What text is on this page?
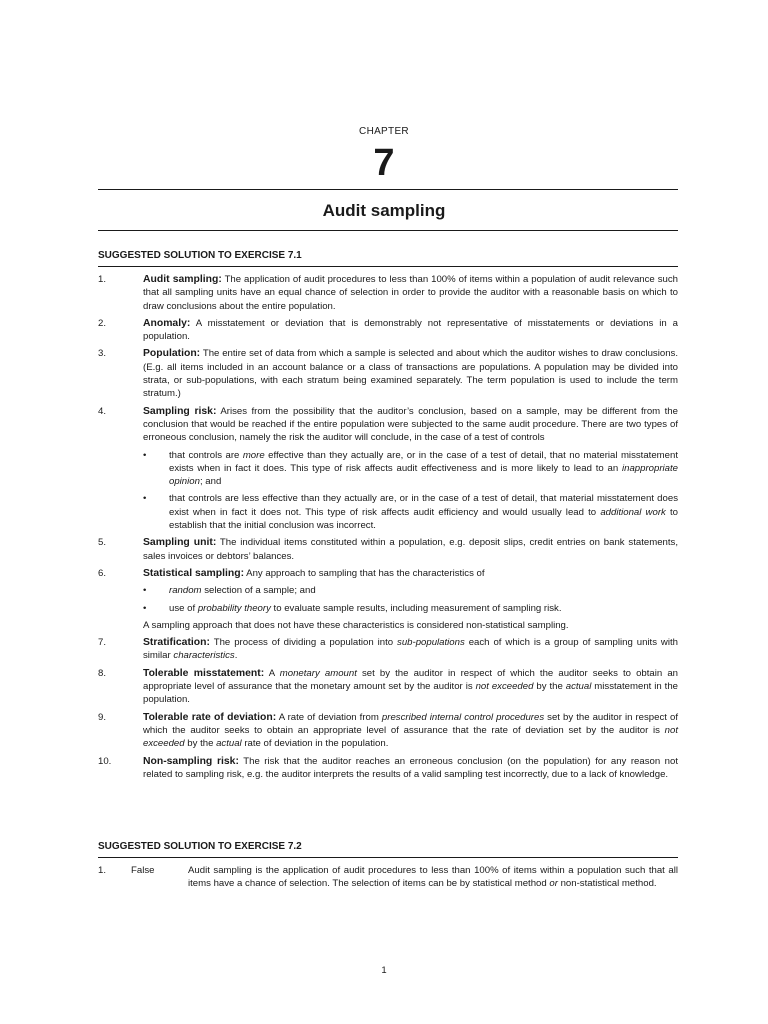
CHAPTER
7
Audit sampling
SUGGESTED SOLUTION TO EXERCISE 7.1
1.	Audit sampling: The application of audit procedures to less than 100% of items within a population of audit relevance such that all sampling units have an equal chance of selection in order to provide the auditor with a reasonable basis on which to draw conclusions about the entire population.
2.	Anomaly: A misstatement or deviation that is demonstrably not representative of misstatements or deviations in a population.
3.	Population: The entire set of data from which a sample is selected and about which the auditor wishes to draw conclusions. (E.g. all items included in an account balance or a class of transactions are populations. A population may be divided into strata, or sub-populations, with each stratum being examined separately. The term population is used to include the term stratum.)
4.	Sampling risk: Arises from the possibility that the auditor’s conclusion, based on a sample, may be different from the conclusion that would be reached if the entire population were subjected to the same audit procedure. There are two types of erroneous conclusion, namely the risk the auditor will conclude, in the case of a test of controls
• that controls are more effective than they actually are, or in the case of a test of detail, that no material misstatement exists when in fact it does. This type of risk affects audit effectiveness and is more likely to lead to an inappropriate opinion; and
• that controls are less effective than they actually are, or in the case of a test of detail, that material misstatement does exist when in fact it does not. This type of risk affects audit efficiency and would usually lead to additional work to establish that the initial conclusion was incorrect.
5.	Sampling unit: The individual items constituted within a population, e.g. deposit slips, credit entries on bank statements, sales invoices or debtors’ balances.
6.	Statistical sampling: Any approach to sampling that has the characteristics of
• random selection of a sample; and
• use of probability theory to evaluate sample results, including measurement of sampling risk.
A sampling approach that does not have these characteristics is considered non-statistical sampling.
7.	Stratification: The process of dividing a population into sub-populations each of which is a group of sampling units with similar characteristics.
8.	Tolerable misstatement: A monetary amount set by the auditor in respect of which the auditor seeks to obtain an appropriate level of assurance that the monetary amount set by the auditor is not exceeded by the actual misstatement in the population.
9.	Tolerable rate of deviation: A rate of deviation from prescribed internal control procedures set by the auditor in respect of which the auditor seeks to obtain an appropriate level of assurance that the rate of deviation set by the auditor is not exceeded by the actual rate of deviation in the population.
10.	Non-sampling risk: The risk that the auditor reaches an erroneous conclusion (on the population) for any reason not related to sampling risk, e.g. the auditor interprets the results of a valid sampling test incorrectly, due to a lack of knowledge.
SUGGESTED SOLUTION TO EXERCISE 7.2
1.	False	Audit sampling is the application of audit procedures to less than 100% of items within a population such that all items have a chance of selection. The selection of items can be by statistical method or non-statistical method.
1
